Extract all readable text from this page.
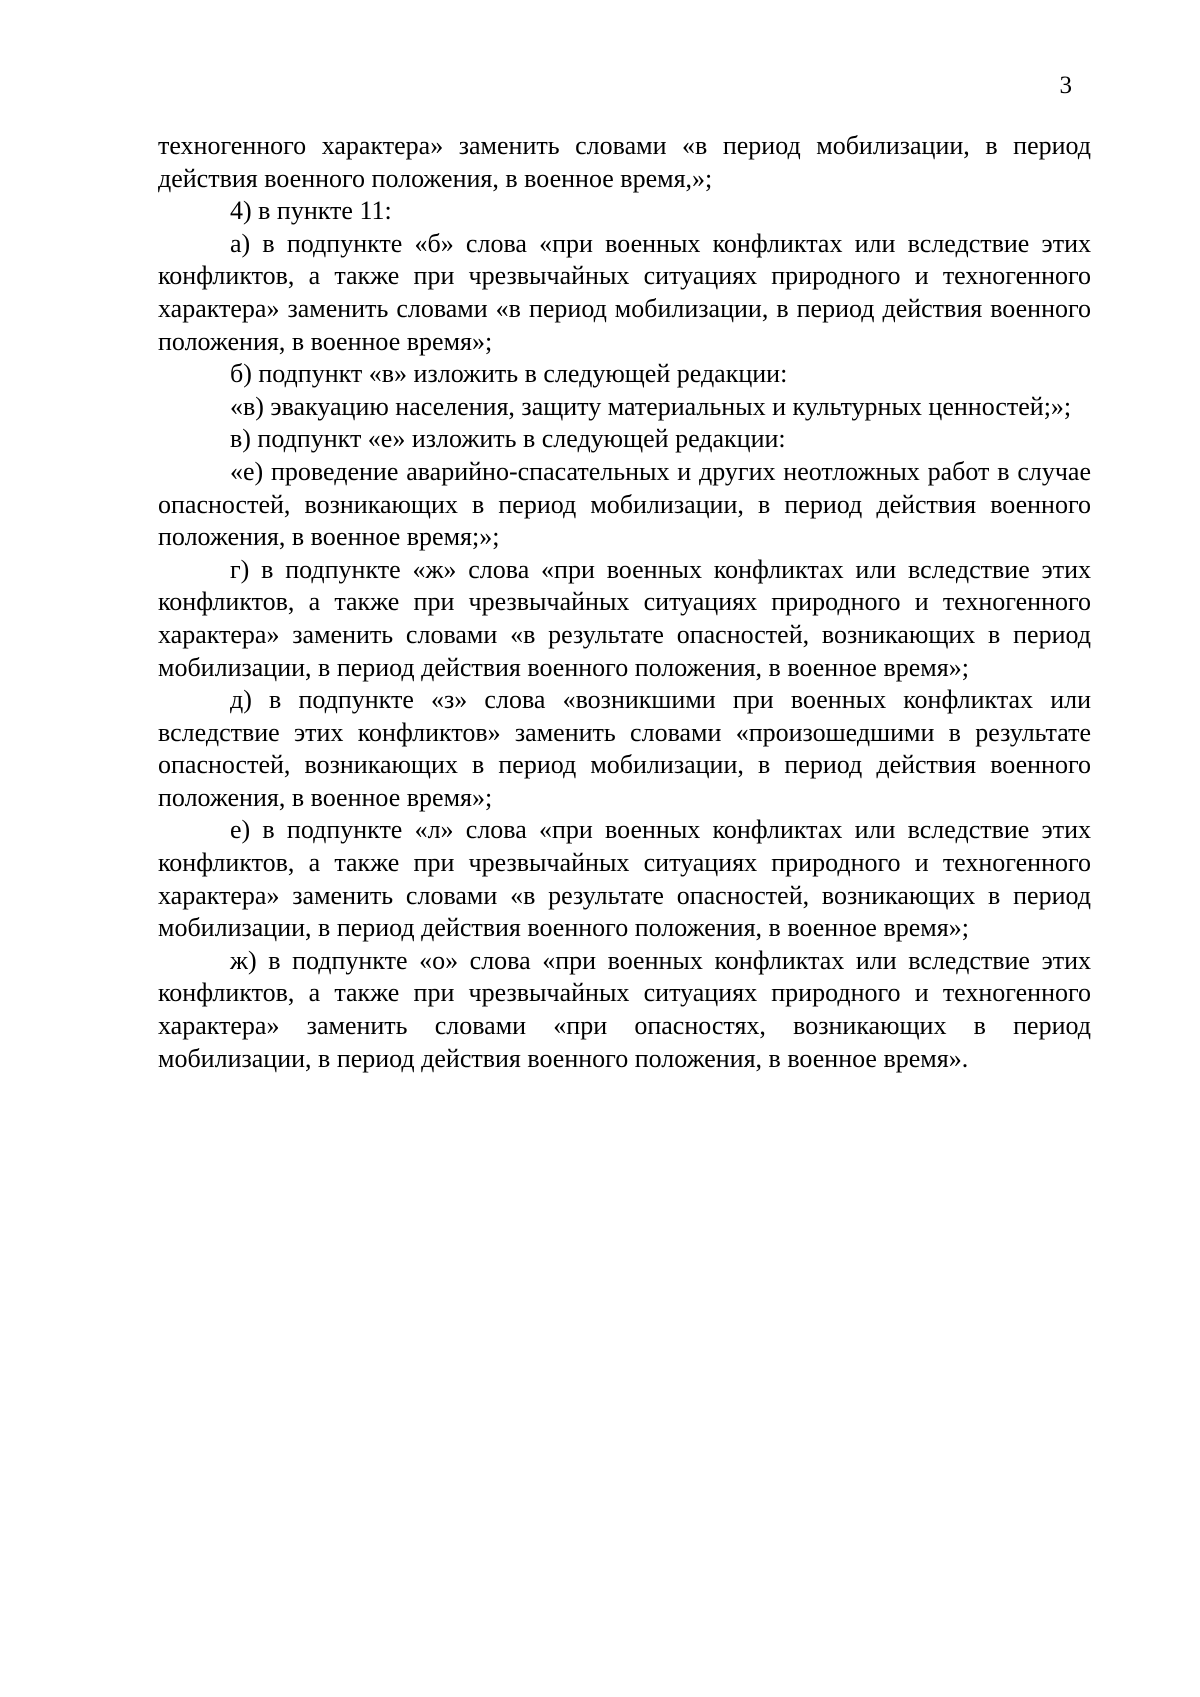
3

техногенного характера» заменить словами «в период мобилизации, в период действия военного положения, в военное время,»;

4) в пункте 11:

а) в подпункте «б» слова «при военных конфликтах или вследствие этих конфликтов, а также при чрезвычайных ситуациях природного и техногенного характера» заменить словами «в период мобилизации, в период действия военного положения, в военное время»;

б) подпункт «в» изложить в следующей редакции:

«в) эвакуацию населения, защиту материальных и культурных ценностей;»;

в) подпункт «е» изложить в следующей редакции:

«е) проведение аварийно-спасательных и других неотложных работ в случае опасностей, возникающих в период мобилизации, в период действия военного положения, в военное время;»;

г) в подпункте «ж» слова «при военных конфликтах или вследствие этих конфликтов, а также при чрезвычайных ситуациях природного и техногенного характера» заменить словами «в результате опасностей, возникающих в период мобилизации, в период действия военного положения, в военное время»;

д) в подпункте «з» слова «возникшими при военных конфликтах или вследствие этих конфликтов» заменить словами «произошедшими в результате опасностей, возникающих в период мобилизации, в период действия военного положения, в военное время»;

е) в подпункте «л» слова «при военных конфликтах или вследствие этих конфликтов, а также при чрезвычайных ситуациях природного и техногенного характера» заменить словами «в результате опасностей, возникающих в период мобилизации, в период действия военного положения, в военное время»;

ж) в подпункте «о» слова «при военных конфликтах или вследствие этих конфликтов, а также при чрезвычайных ситуациях природного и техногенного характера» заменить словами «при опасностях, возникающих в период мобилизации, в период действия военного положения, в военное время».
